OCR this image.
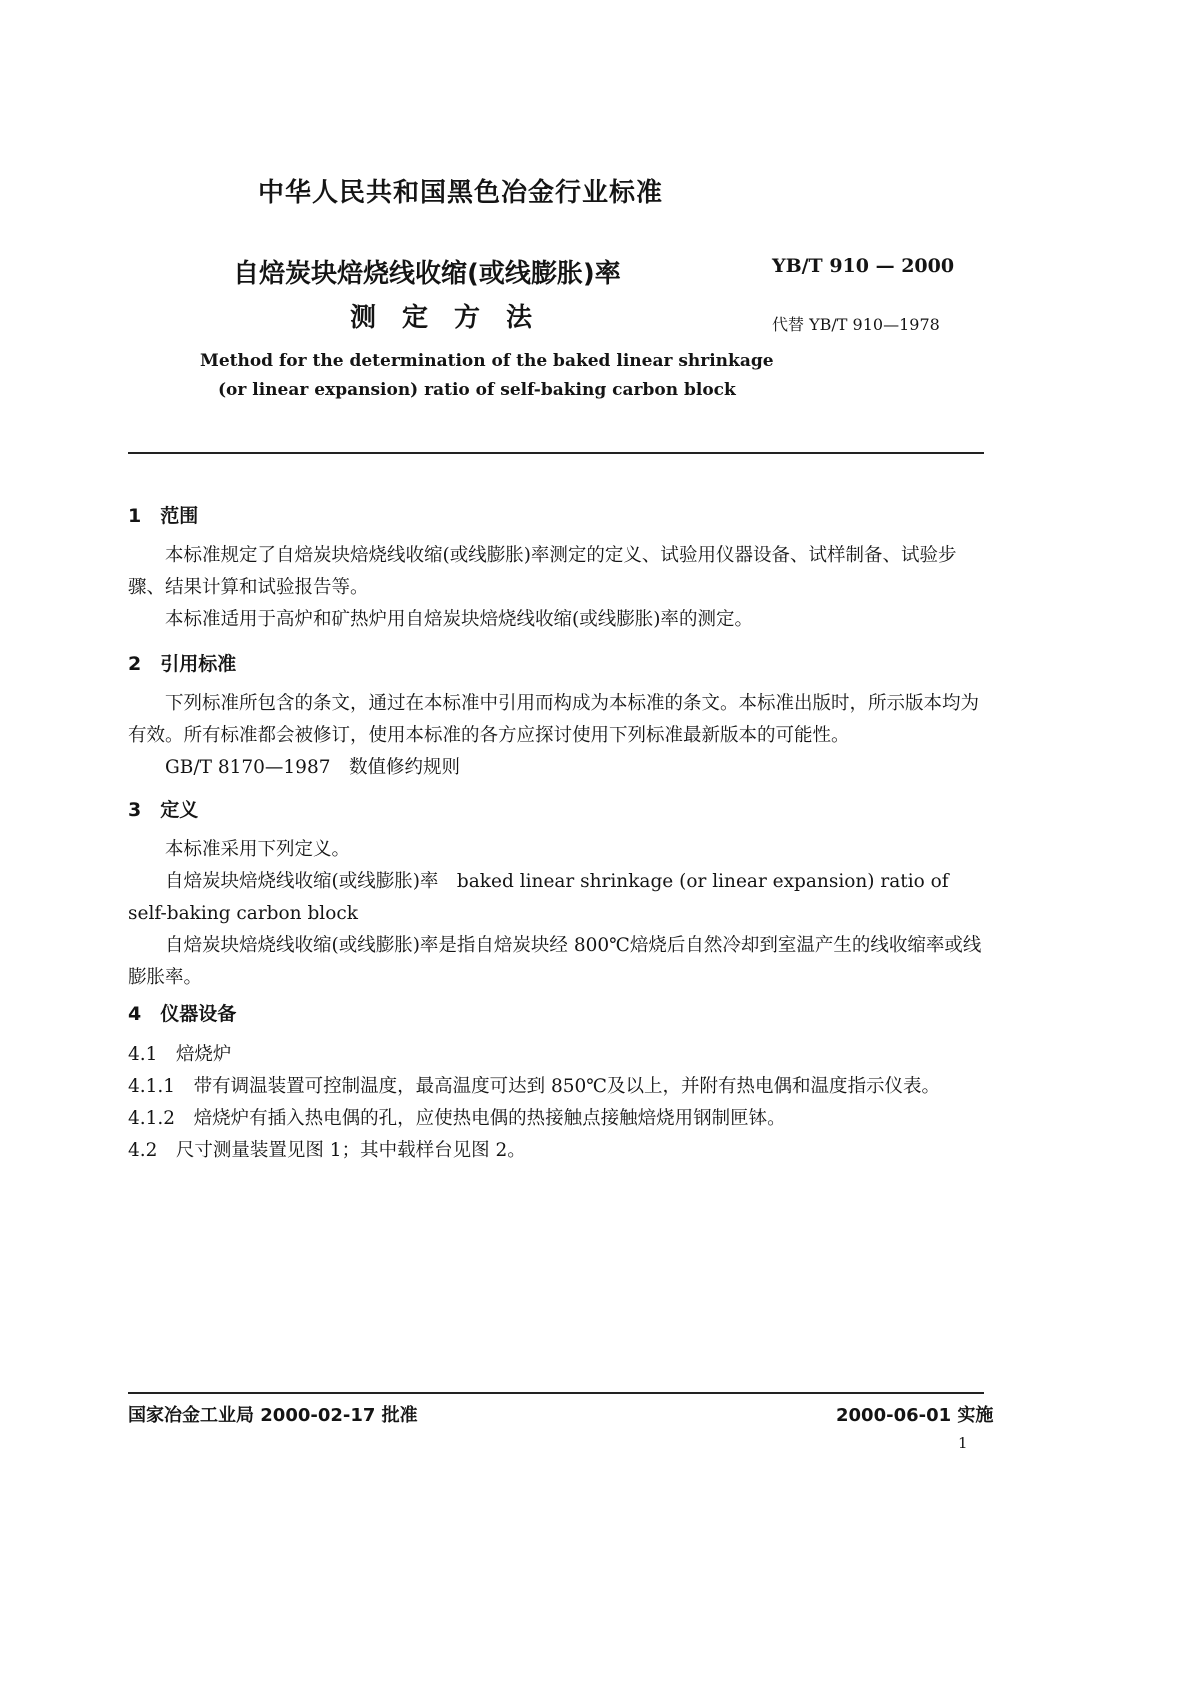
中华人民共和国黑色冶金行业标准
自焙炭块焙烧线收缩(或线膨胀)率
测　定　方　法
YB/T 910 — 2000
代替 YB/T 910—1978
Method for the determination of the baked linear shrinkage
(or linear expansion) ratio of self-baking carbon block
1　范围

本标准规定了自焙炭块焙烧线收缩(或线膨胀)率测定的定义、试验用仪器设备、试样制备、试验步骤、结果计算和试验报告等。

本标准适用于高炉和矿热炉用自焙炭块焙烧线收缩(或线膨胀)率的测定。

2　引用标准

下列标准所包含的条文，通过在本标准中引用而构成为本标准的条文。本标准出版时，所示版本均为有效。所有标准都会被修订，使用本标准的各方应探讨使用下列标准最新版本的可能性。

GB/T 8170—1987　数值修约规则

3　定义

本标准采用下列定义。

自焙炭块焙烧线收缩(或线膨胀)率　baked linear shrinkage (or linear expansion) ratio of self-baking carbon block

自焙炭块焙烧线收缩(或线膨胀)率是指自焙炭块经 800℃焙烧后自然冷却到室温产生的线收缩率或线膨胀率。

4　仪器设备

4.1　焙烧炉

4.1.1　带有调温装置可控制温度，最高温度可达到 850℃及以上，并附有热电偶和温度指示仪表。

4.1.2　焙烧炉有插入热电偶的孔，应使热电偶的热接触点接触焙烧用钢制匣钵。

4.2　尺寸测量装置见图 1；其中载样台见图 2。

国家冶金工业局 2000-02-17 批准	2000-06-01 实施
1
